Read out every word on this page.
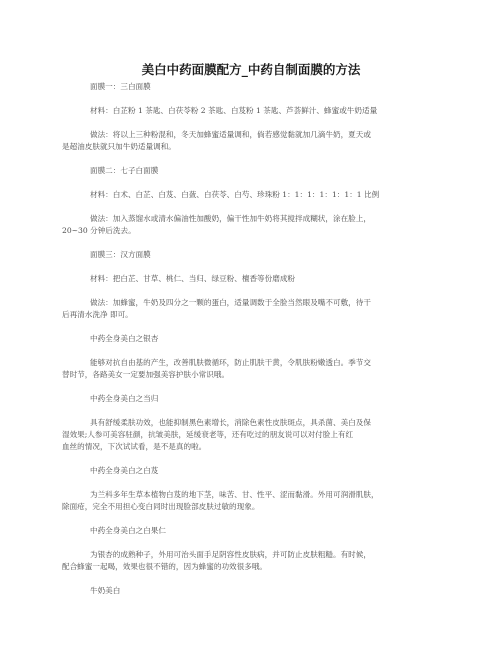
美白中药面膜配方_中药自制面膜的方法
面膜一：三白面膜
材料：白芷粉 1 茶匙、白茯苓粉 2 茶匙、白芨粉 1 茶匙、芦荟鲜汁、蜂蜜或牛奶适量
做法：将以上三种粉混和，冬天加蜂蜜适量调和，倘若感觉黏就加几滴牛奶，夏天或
是超油皮肤就只加牛奶适量调和。
面膜二：七子白面膜
材料：白术、白芷、白芨、白蔹、白茯苓、白芍、珍珠粉 1：1：1：1：1：1：1 比例
做法：加入蒸馏水或清水偏油性加酸奶，偏干性加牛奶将其搅拌成糊状，涂在脸上，
20~30 分钟后洗去。
面膜三：汉方面膜
材料：把白芷、甘草、桃仁、当归、绿豆粉、檀香等份磨成粉
做法：加蜂蜜，牛奶及四分之一颗的蛋白，适量调数于全脸当然眼及嘴不可敷，待干
后再清水洗净 即可。
中药全身美白之银杏
能够对抗自由基的产生，改善肌肤微循环，防止肌肤干黄，令肌肤粉嫩透白。季节交
替时节，各路美女一定要加强美容护肤小常识哦。
中药全身美白之当归
具有舒缓柔肤功效，也能抑制黑色素增长，消除色素性皮肤斑点，具杀菌、美白及保
湿效果;人参可美容驻颜，抗皱美肤，延缓衰老等，还有吃过的朋友说可以对付脸上有红
血丝的情况，下次试试看，是不是真的啦。
中药全身美白之白芨
为兰科多年生草本植物白芨的地下茎，味苦、甘、性平、涩而黏滑。外用可润滑肌肤，
除面疮，完全不用担心变白同时出现脸部皮肤过敏的现象。
中药全身美白之白果仁
为银杏的成熟种子，外用可治头面手足阴容性皮肤病，并可防止皮肤粗糙。有时候，
配合蜂蜜一起喝，效果也很不错的，因为蜂蜜的功效很多哦。
牛奶美白
